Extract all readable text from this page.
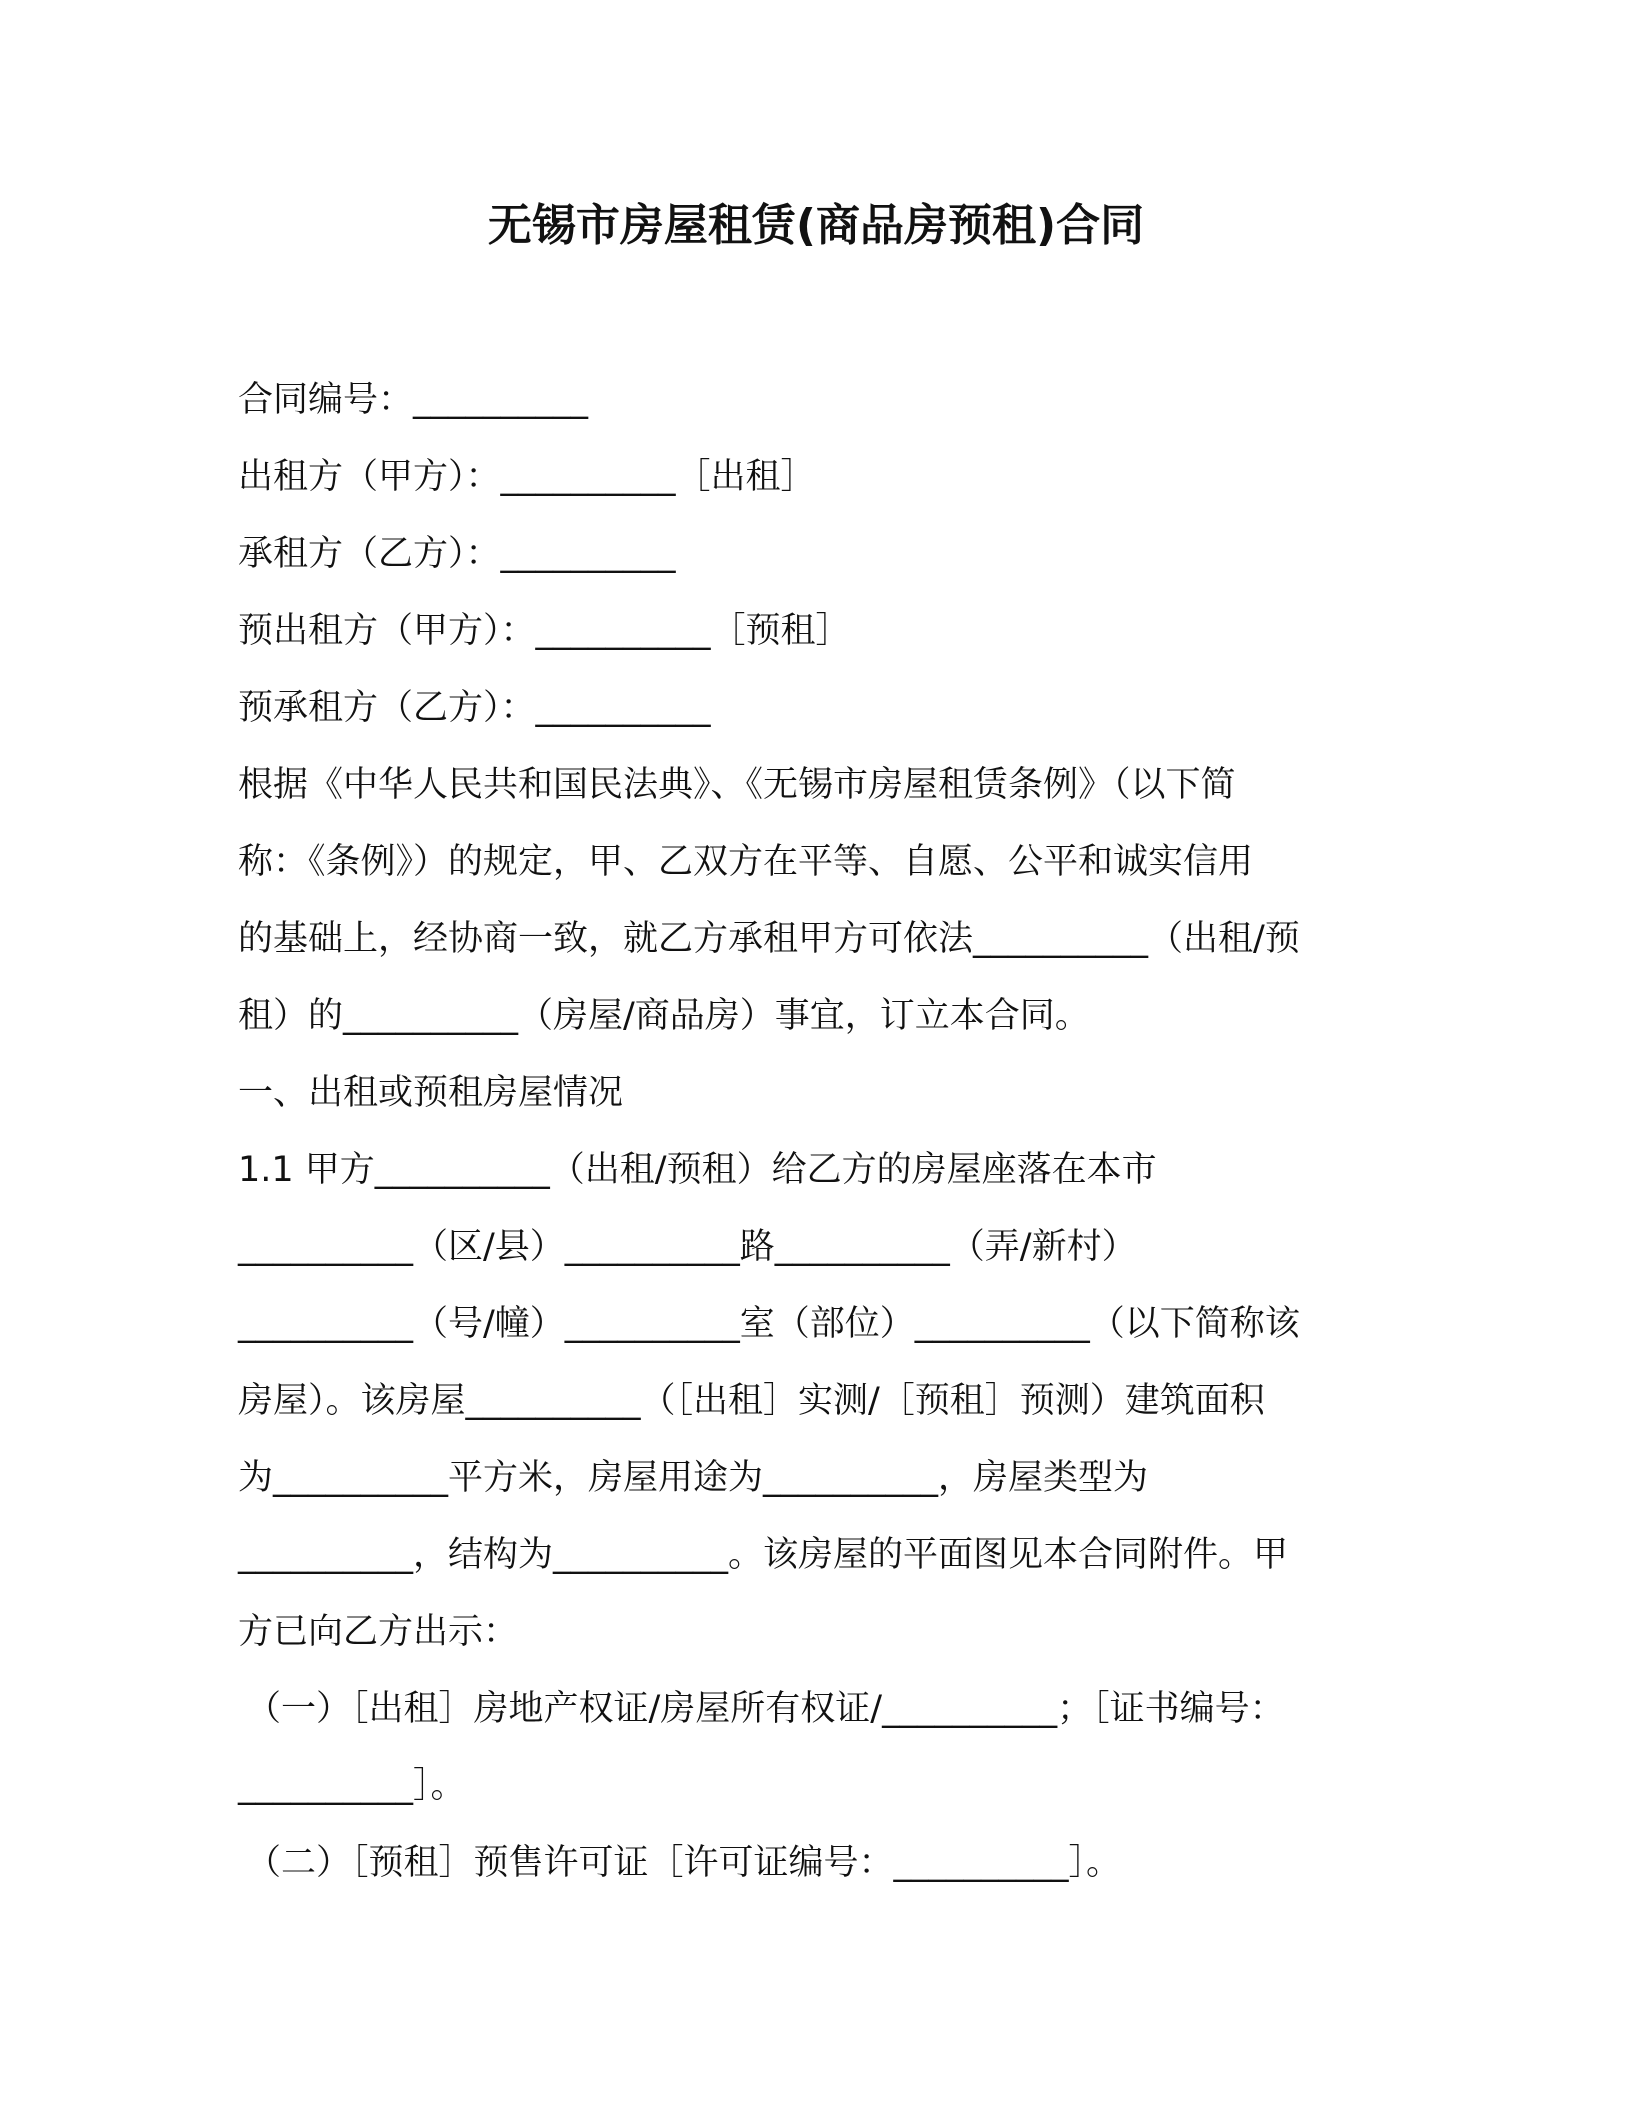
无锡市房屋租赁(商品房预租)合同
合同编号：__________
出租方（甲方）：__________［出租］
承租方（乙方）：__________
预出租方（甲方）：__________［预租］
预承租方（乙方）：__________
根据《中华人民共和国民法典》、《无锡市房屋租赁条例》（以下简
称：《条例》）的规定，甲、乙双方在平等、自愿、公平和诚实信用
的基础上，经协商一致，就乙方承租甲方可依法__________（出租/预
租）的__________（房屋/商品房）事宜，订立本合同。
一、出租或预租房屋情况
1.1 甲方__________（出租/预租）给乙方的房屋座落在本市
__________（区/县）__________路__________（弄/新村）
__________（号/幢）__________室（部位）__________（以下简称该
房屋）。该房屋__________（［出租］实测/［预租］预测）建筑面积
为__________平方米，房屋用途为__________，房屋类型为
__________，结构为__________。该房屋的平面图见本合同附件。甲
方已向乙方出示：
（一）［出租］房地产权证/房屋所有权证/__________；［证书编号：
__________］。
（二）［预租］预售许可证［许可证编号：__________］。
